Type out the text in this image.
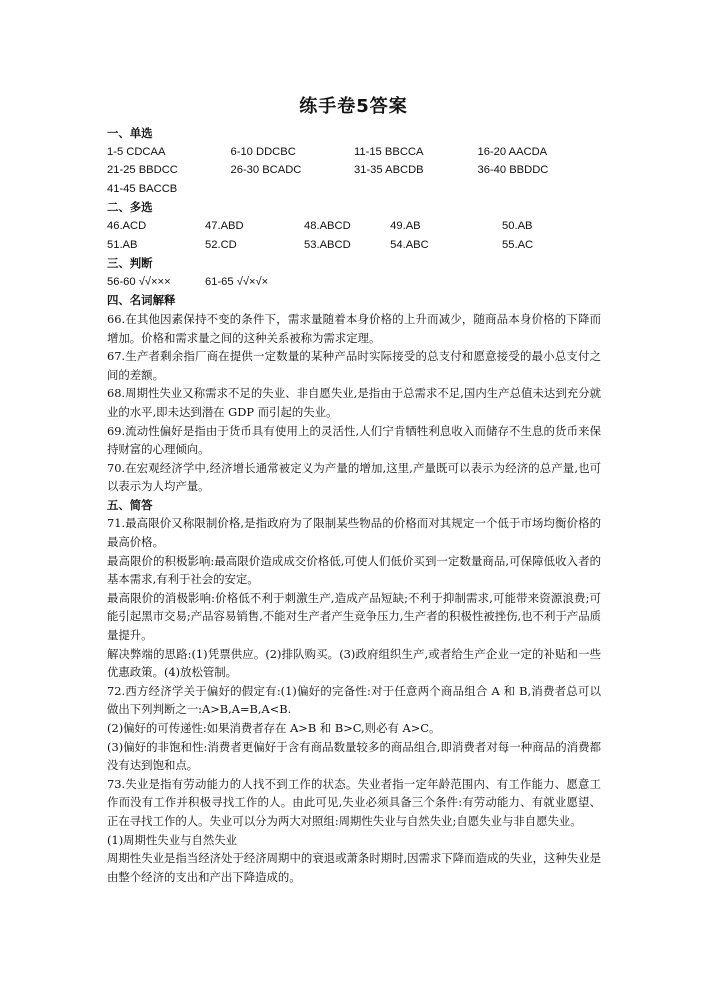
练手卷5答案
一、单选
1-5 CDCAA	6-10 DDCBC	11-15 BBCCA	16-20 AACDA
21-25 BBDCC	26-30 BCADC	31-35 ABCDB	36-40 BBDDC
41-45 BACCB
二、多选
46.ACD	47.ABD	48.ABCD	49.AB	50.AB
51.AB	52.CD	53.ABCD	54.ABC	55.AC
三、判断
56-60 √√×××	61-65 √√×√×
四、名词解释

66.在其他因素保持不变的条件下，需求量随着本身价格的上升而减少，随商品本身价格的下降而增加。价格和需求量之间的这种关系被称为需求定理。

67.生产者剩余指厂商在提供一定数量的某种产品时实际接受的总支付和愿意接受的最小总支付之间的差额。

68.周期性失业又称需求不足的失业、非自愿失业,是指由于总需求不足,国内生产总值未达到充分就业的水平,即未达到潜在 GDP 而引起的失业。

69.流动性偏好是指由于货币具有使用上的灵活性,人们宁肯牺牲利息收入而储存不生息的货币来保持财富的心理倾向。

70.在宏观经济学中,经济增长通常被定义为产量的增加,这里,产量既可以表示为经济的总产量,也可以表示为人均产量。

五、简答

71.最高限价又称限制价格,是指政府为了限制某些物品的价格而对其规定一个低于市场均衡价格的最高价格。

最高限价的积极影响:最高限价造成成交价格低,可使人们低价买到一定数量商品,可保障低收入者的基本需求,有利于社会的安定。

最高限价的消极影响:价格低不利于刺激生产,造成产品短缺;不利于抑制需求,可能带来资源浪费;可能引起黑市交易;产品容易销售,不能对生产者产生竞争压力,生产者的积极性被挫伤,也不利于产品质量提升。

解决弊端的思路:(1)凭票供应。(2)排队购买。(3)政府组织生产,或者给生产企业一定的补贴和一些优惠政策。(4)放松管制。

72.西方经济学关于偏好的假定有:(1)偏好的完备性:对于任意两个商品组合 A 和 B,消费者总可以做出下列判断之一:A>B,A=B,A<B.

(2)偏好的可传递性:如果消费者存在 A>B 和 B>C,则必有 A>C。

(3)偏好的非饱和性:消费者更偏好于含有商品数量较多的商品组合,即消费者对每一种商品的消费都没有达到饱和点。

73.失业是指有劳动能力的人找不到工作的状态。失业者指一定年龄范围内、有工作能力、愿意工作而没有工作并积极寻找工作的人。由此可见,失业必须具备三个条件:有劳动能力、有就业愿望、正在寻找工作的人。失业可以分为两大对照组:周期性失业与自然失业;自愿失业与非自愿失业。

(1)周期性失业与自然失业

周期性失业是指当经济处于经济周期中的衰退或萧条时期时,因需求下降而造成的失业，这种失业是由整个经济的支出和产出下降造成的。
